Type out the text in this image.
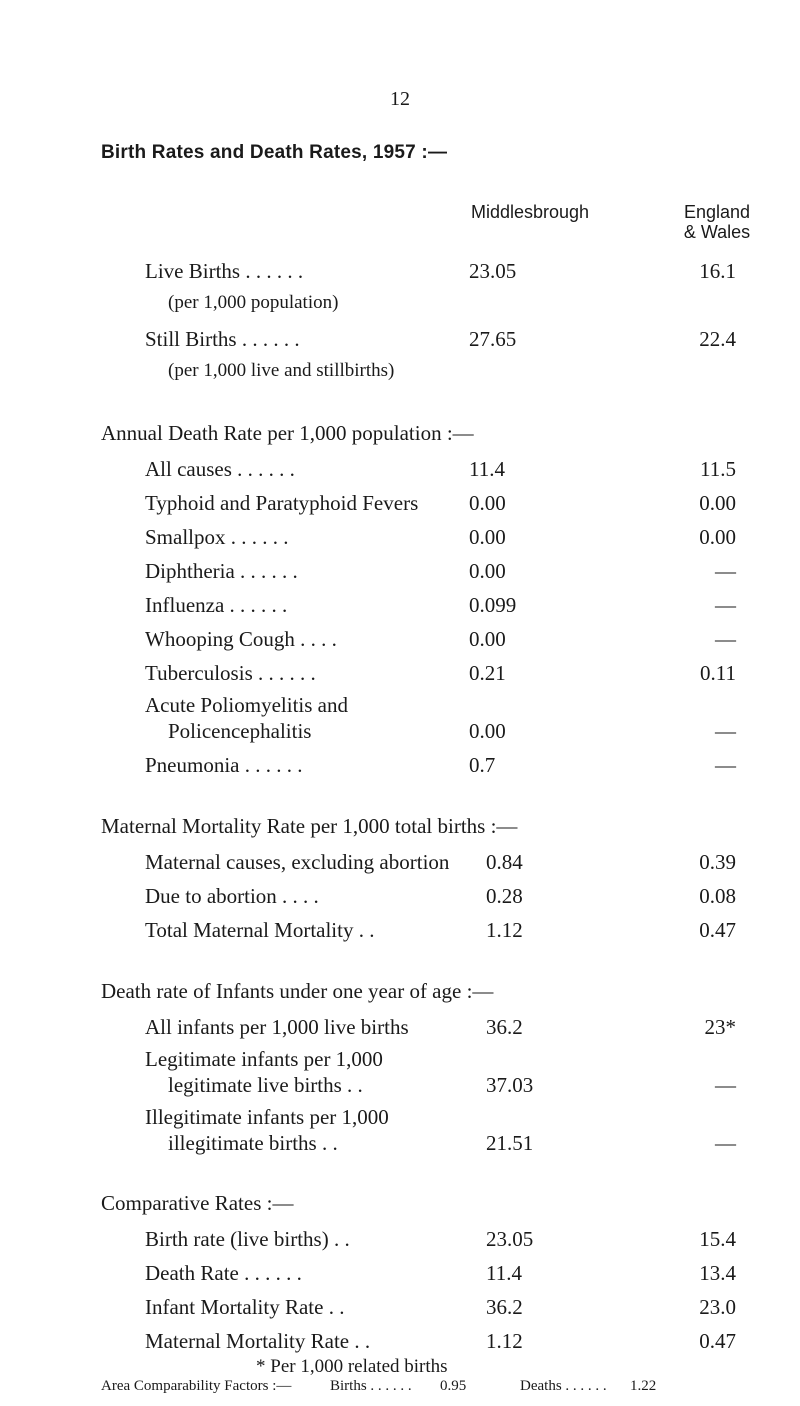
12
Birth Rates and Death Rates, 1957 :—
Middlesbrough	England
& Wales
Live Births . . . . . .	23.05	16.1
(per 1,000 population)
Still Births . . . . . .	27.65	22.4
(per 1,000 live and stillbirths)
Annual Death Rate per 1,000 population :—
All causes . . . . . .	11.4	11.5
Typhoid and Paratyphoid Fevers 0.00	0.00
Smallpox . . . . . .	0.00	0.00
Diphtheria . . . . . .	0.00	—
Influenza . . . . . .	0.099	—
Whooping Cough . . . .	0.00	—
Tuberculosis . . . . . .	0.21	0.11
Acute Poliomyelitis and
Policencephalitis	0.00	—
Pneumonia . . . . . .	0.7	—
Maternal Mortality Rate per 1,000 total births :—
Maternal causes, excluding abortion 0.84	0.39
Due to abortion . . . .	0.28	0.08
Total Maternal Mortality . .	1.12	0.47
Death rate of Infants under one year of age :—
All infants per 1,000 live births	36.2	23*
Legitimate infants per 1,000
legitimate live births . .	37.03	—
Illegitimate infants per 1,000
illegitimate births . .	21.51	—
Comparative Rates :—
Birth rate (live births) . .	23.05	15.4
Death Rate . . . . . .	11.4	13.4
Infant Mortality Rate . .	36.2	23.0
Maternal Mortality Rate . .	1.12	0.47
* Per 1,000 related births
Area Comparability Factors :—	Births . . . . . . 0.95	Deaths . . . . . . 1.22
